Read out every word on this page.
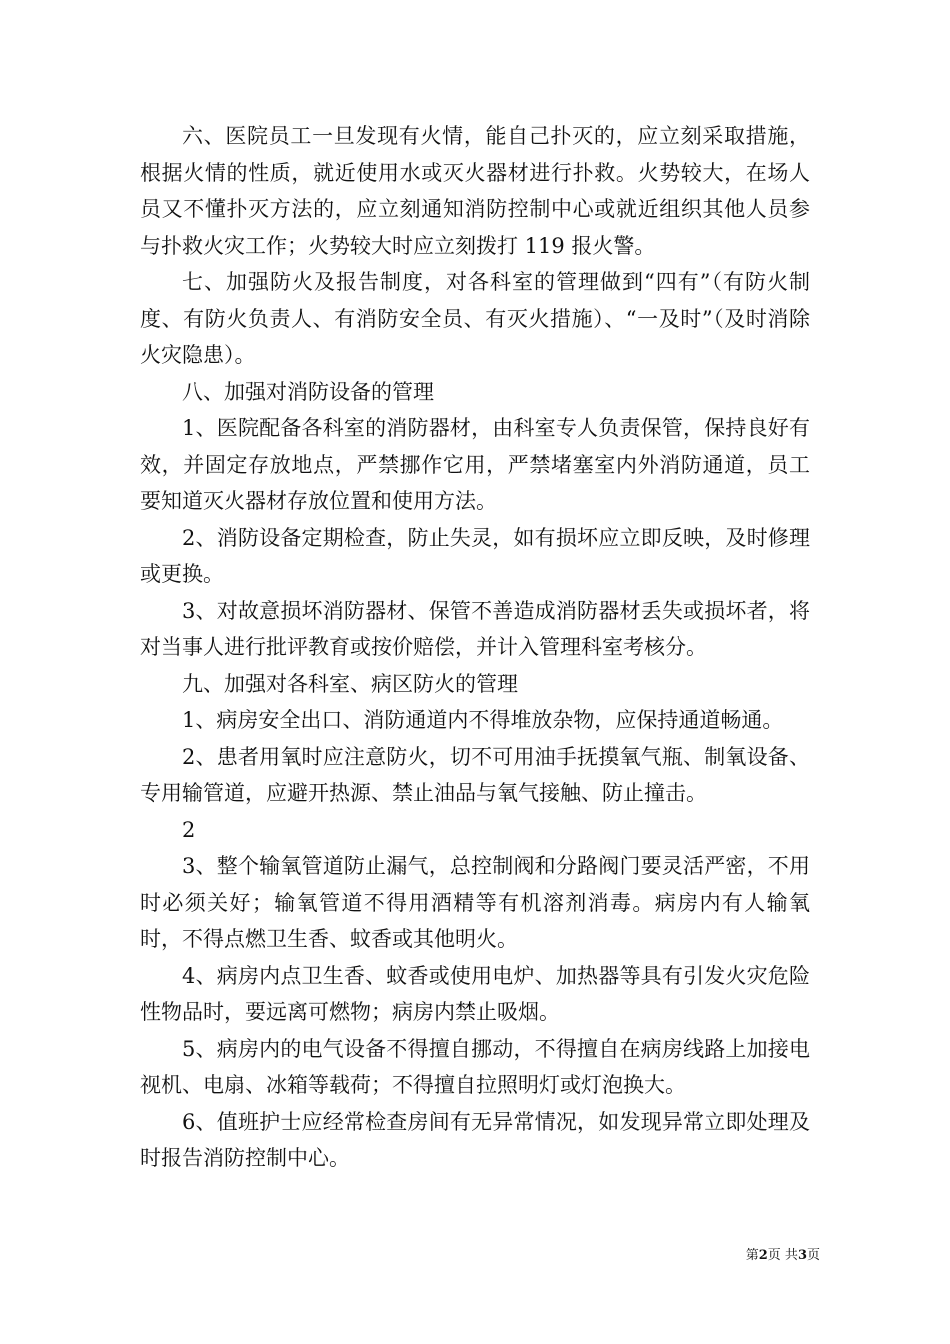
六、医院员工一旦发现有火情，能自己扑灭的，应立刻采取措施，根据火情的性质，就近使用水或灭火器材进行扑救。火势较大，在场人员又不懂扑灭方法的，应立刻通知消防控制中心或就近组织其他人员参与扑救火灾工作；火势较大时应立刻拨打 119 报火警。

七、加强防火及报告制度，对各科室的管理做到“四有”（有防火制度、有防火负责人、有消防安全员、有灭火措施）、“一及时”（及时消除火灾隐患）。

八、加强对消防设备的管理

1、医院配备各科室的消防器材，由科室专人负责保管，保持良好有效，并固定存放地点，严禁挪作它用，严禁堵塞室内外消防通道，员工要知道灭火器材存放位置和使用方法。

2、消防设备定期检查，防止失灵，如有损坏应立即反映，及时修理或更换。

3、对故意损坏消防器材、保管不善造成消防器材丢失或损坏者，将对当事人进行批评教育或按价赔偿，并计入管理科室考核分。

九、加强对各科室、病区防火的管理

1、病房安全出口、消防通道内不得堆放杂物，应保持通道畅通。

2、患者用氧时应注意防火，切不可用油手抚摸氧气瓶、制氧设备、专用输管道，应避开热源、禁止油品与氧气接触、防止撞击。

2

3、整个输氧管道防止漏气，总控制阀和分路阀门要灵活严密，不用时必须关好；输氧管道不得用酒精等有机溶剂消毒。病房内有人输氧时，不得点燃卫生香、蚊香或其他明火。

4、病房内点卫生香、蚊香或使用电炉、加热器等具有引发火灾危险性物品时，要远离可燃物；病房内禁止吸烟。

5、病房内的电气设备不得擅自挪动，不得擅自在病房线路上加接电视机、电扇、冰箱等载荷；不得擅自拉照明灯或灯泡换大。

6、值班护士应经常检查房间有无异常情况，如发现异常立即处理及时报告消防控制中心。

第2页 共3页
